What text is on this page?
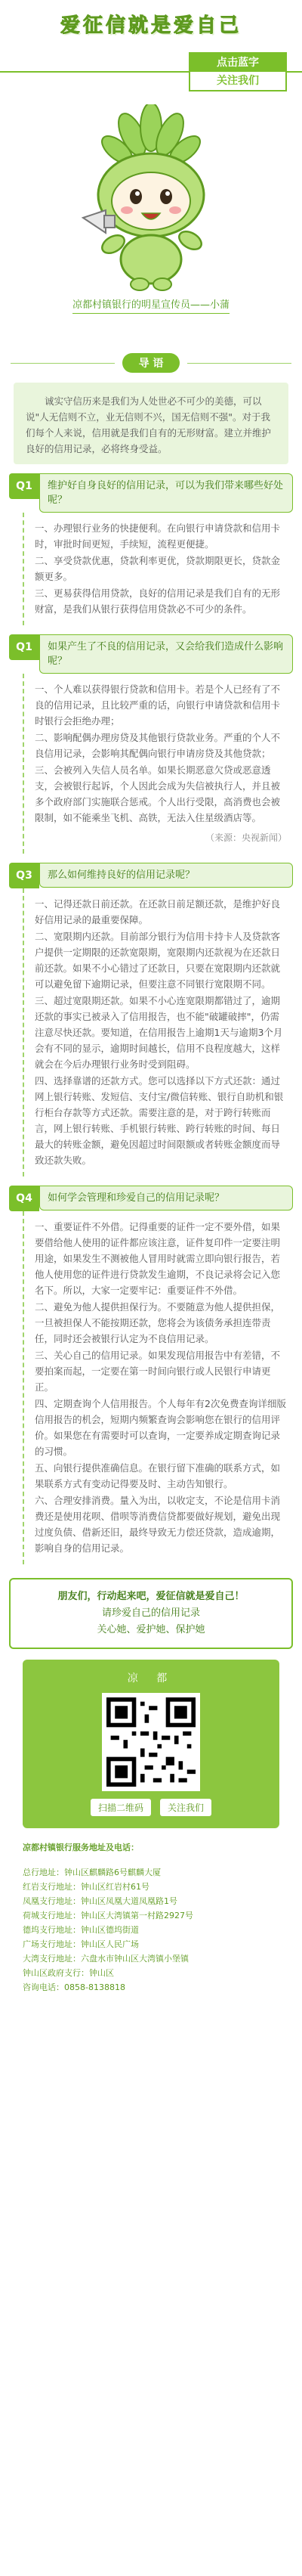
爱征信就是爱自己
点击蓝字
关注我们
凉都村镇银行的明星宣传员——小蒲
导 语
诚实守信历来是我们为人处世必不可少的美德，可以说"人无信则不立，业无信则不兴，国无信则不强"。对于我们每个人来说，信用就是我们自有的无形财富。建立并维护良好的信用记录，必将终身受益。
Q1	维护好自身良好的信用记录，可以为我们带来哪些好处呢？

一、办理银行业务的快捷便利。在向银行申请贷款和信用卡时，审批时间更短，手续短，流程更便捷。

二、享受贷款优惠，贷款利率更优，贷款期限更长，贷款金额更多。

三、更易获得信用贷款，良好的信用记录是我们自有的无形财富，是我们从银行获得信用贷款必不可少的条件。

Q1	如果产生了不良的信用记录，又会给我们造成什么影响呢？

一、个人难以获得银行贷款和信用卡。若是个人已经有了不良的信用记录，且比较严重的话，向银行申请贷款和信用卡时银行会拒绝办理；

二、影响配偶办理房贷及其他银行贷款业务。严重的个人不良信用记录，会影响其配偶向银行申请房贷及其他贷款；

三、会被列入失信人员名单。如果长期恶意欠贷或恶意透支，会被银行起诉，个人因此会成为失信被执行人，并且被多个政府部门实施联合惩戒。个人出行受限，高消费也会被限制，如不能乘坐飞机、高铁，无法入住星级酒店等。

（来源：央视新闻）
Q3	那么如何维持良好的信用记录呢？

一、记得还款日前还款。在还款日前足额还款，是维护好良好信用记录的最重要保障。

二、宽限期内还款。目前部分银行为信用卡持卡人及贷款客户提供一定期限的还款宽限期，宽限期内还款视为在还款日前还款。如果不小心错过了还款日，只要在宽限期内还款就可以避免留下逾期记录，但要注意不同银行宽限期不同。

三、超过宽限期还款。如果不小心连宽限期都错过了，逾期还款的事实已被录入了信用报告，也不能"破罐破摔"，仍需注意尽快还款。要知道，在信用报告上逾期1天与逾期3个月会有不同的显示，逾期时间越长，信用不良程度越大，这样就会在今后办理银行业务时受到阻碍。

四、选择靠谱的还款方式。您可以选择以下方式还款：通过网上银行转账、发短信、支付宝/微信转账、银行自助机和银行柜台存款等方式还款。需要注意的是，对于跨行转账而言，网上银行转账、手机银行转账、跨行转账的时间、每日最大的转账金额，避免因超过时间限额或者转账金额度而导致还款失败。

Q4	如何学会管理和珍爱自己的信用记录呢？

一、重要证件不外借。记得重要的证件一定不要外借，如果要借给他人使用的证件都应该注意，证件复印件一定要注明用途，如果发生不测被他人冒用时就需立即向银行报告，若他人使用您的证件进行贷款发生逾期，不良记录将会记入您名下。所以，大家一定要牢记：重要证件不外借。

二、避免为他人提供担保行为。不要随意为他人提供担保，一旦被担保人不能按期还款，您将会为该债务承担连带责任，同时还会被银行认定为不良信用记录。

三、关心自己的信用记录。如果发现信用报告中有差错，不要拍案而起，一定要在第一时间向银行或人民银行申请更正。

四、定期查询个人信用报告。个人每年有2次免费查询详细版信用报告的机会，短期内频繁查询会影响您在银行的信用评价。如果您在有需要时可以查询，一定要养成定期查询记录的习惯。

五、向银行提供准确信息。在银行留下准确的联系方式，如果联系方式有变动记得要及时、主动告知银行。

六、合理安排消费。量入为出，以收定支，不论是信用卡消费还是使用花呗、借呗等消费信贷都要做好规划，避免出现过度负债、借新还旧，最终导致无力偿还贷款，造成逾期，影响自身的信用记录。

朋友们，行动起来吧，爱征信就是爱自己！
请珍爱自己的信用记录
关心她、爱护她、保护她
凉 都
扫描二维码	关注我们
凉都村镇银行服务地址及电话：
总行地址：钟山区麒麟路6号麒麟大厦
红岩支行地址：钟山区红岩村61号
凤凰支行地址：钟山区凤凰大道凤凰路1号
荷城支行地址：钟山区大湾镇第一村路2927号
德坞支行地址：钟山区德坞街道
广场支行地址：钟山区人民广场
大湾支行地址：六盘水市钟山区大湾镇小堡镇
钟山区政府支行：钟山区
咨询电话：0858-8138818
